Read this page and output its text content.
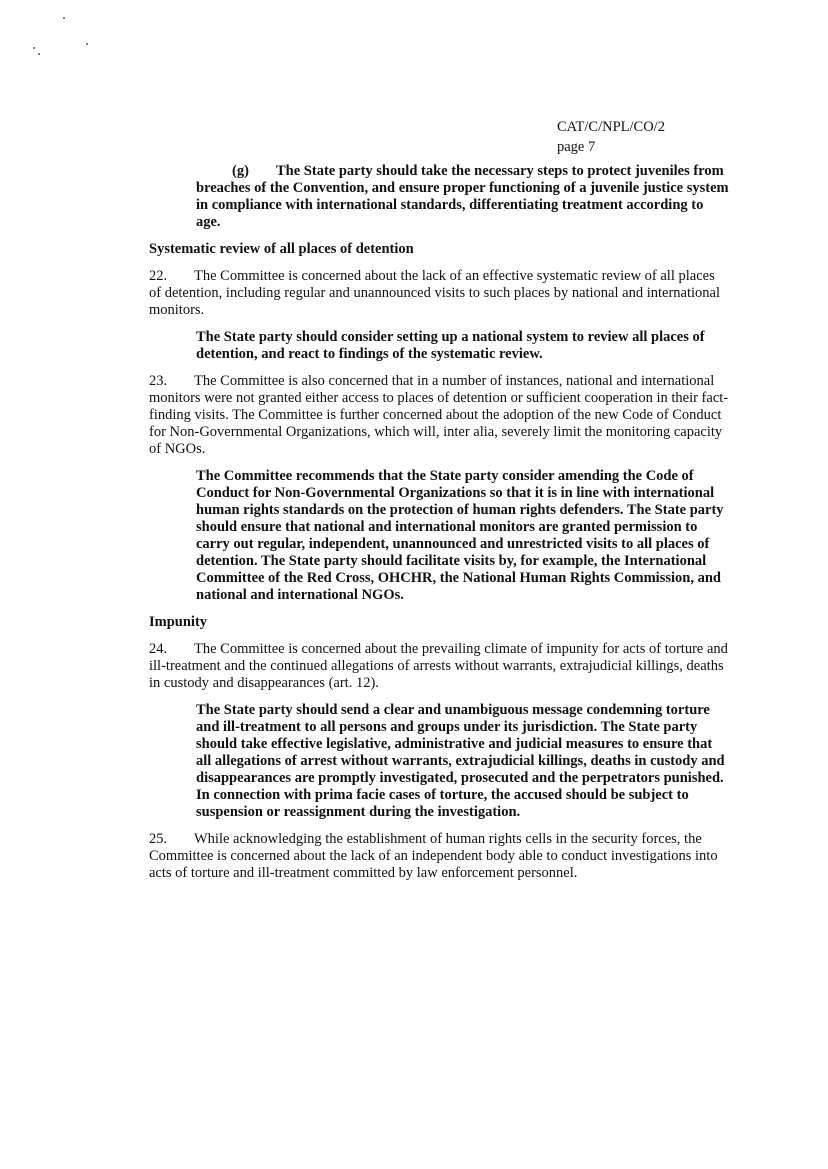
CAT/C/NPL/CO/2
page 7

(g) The State party should take the necessary steps to protect juveniles from breaches of the Convention, and ensure proper functioning of a juvenile justice system in compliance with international standards, differentiating treatment according to age.

Systematic review of all places of detention

22. The Committee is concerned about the lack of an effective systematic review of all places of detention, including regular and unannounced visits to such places by national and international monitors.

The State party should consider setting up a national system to review all places of detention, and react to findings of the systematic review.

23. The Committee is also concerned that in a number of instances, national and international monitors were not granted either access to places of detention or sufficient cooperation in their fact-finding visits. The Committee is further concerned about the adoption of the new Code of Conduct for Non-Governmental Organizations, which will, inter alia, severely limit the monitoring capacity of NGOs.

The Committee recommends that the State party consider amending the Code of Conduct for Non-Governmental Organizations so that it is in line with international human rights standards on the protection of human rights defenders. The State party should ensure that national and international monitors are granted permission to carry out regular, independent, unannounced and unrestricted visits to all places of detention. The State party should facilitate visits by, for example, the International Committee of the Red Cross, OHCHR, the National Human Rights Commission, and national and international NGOs.

Impunity

24. The Committee is concerned about the prevailing climate of impunity for acts of torture and ill-treatment and the continued allegations of arrests without warrants, extrajudicial killings, deaths in custody and disappearances (art. 12).

The State party should send a clear and unambiguous message condemning torture and ill-treatment to all persons and groups under its jurisdiction. The State party should take effective legislative, administrative and judicial measures to ensure that all allegations of arrest without warrants, extrajudicial killings, deaths in custody and disappearances are promptly investigated, prosecuted and the perpetrators punished. In connection with prima facie cases of torture, the accused should be subject to suspension or reassignment during the investigation.

25. While acknowledging the establishment of human rights cells in the security forces, the Committee is concerned about the lack of an independent body able to conduct investigations into acts of torture and ill-treatment committed by law enforcement personnel.
